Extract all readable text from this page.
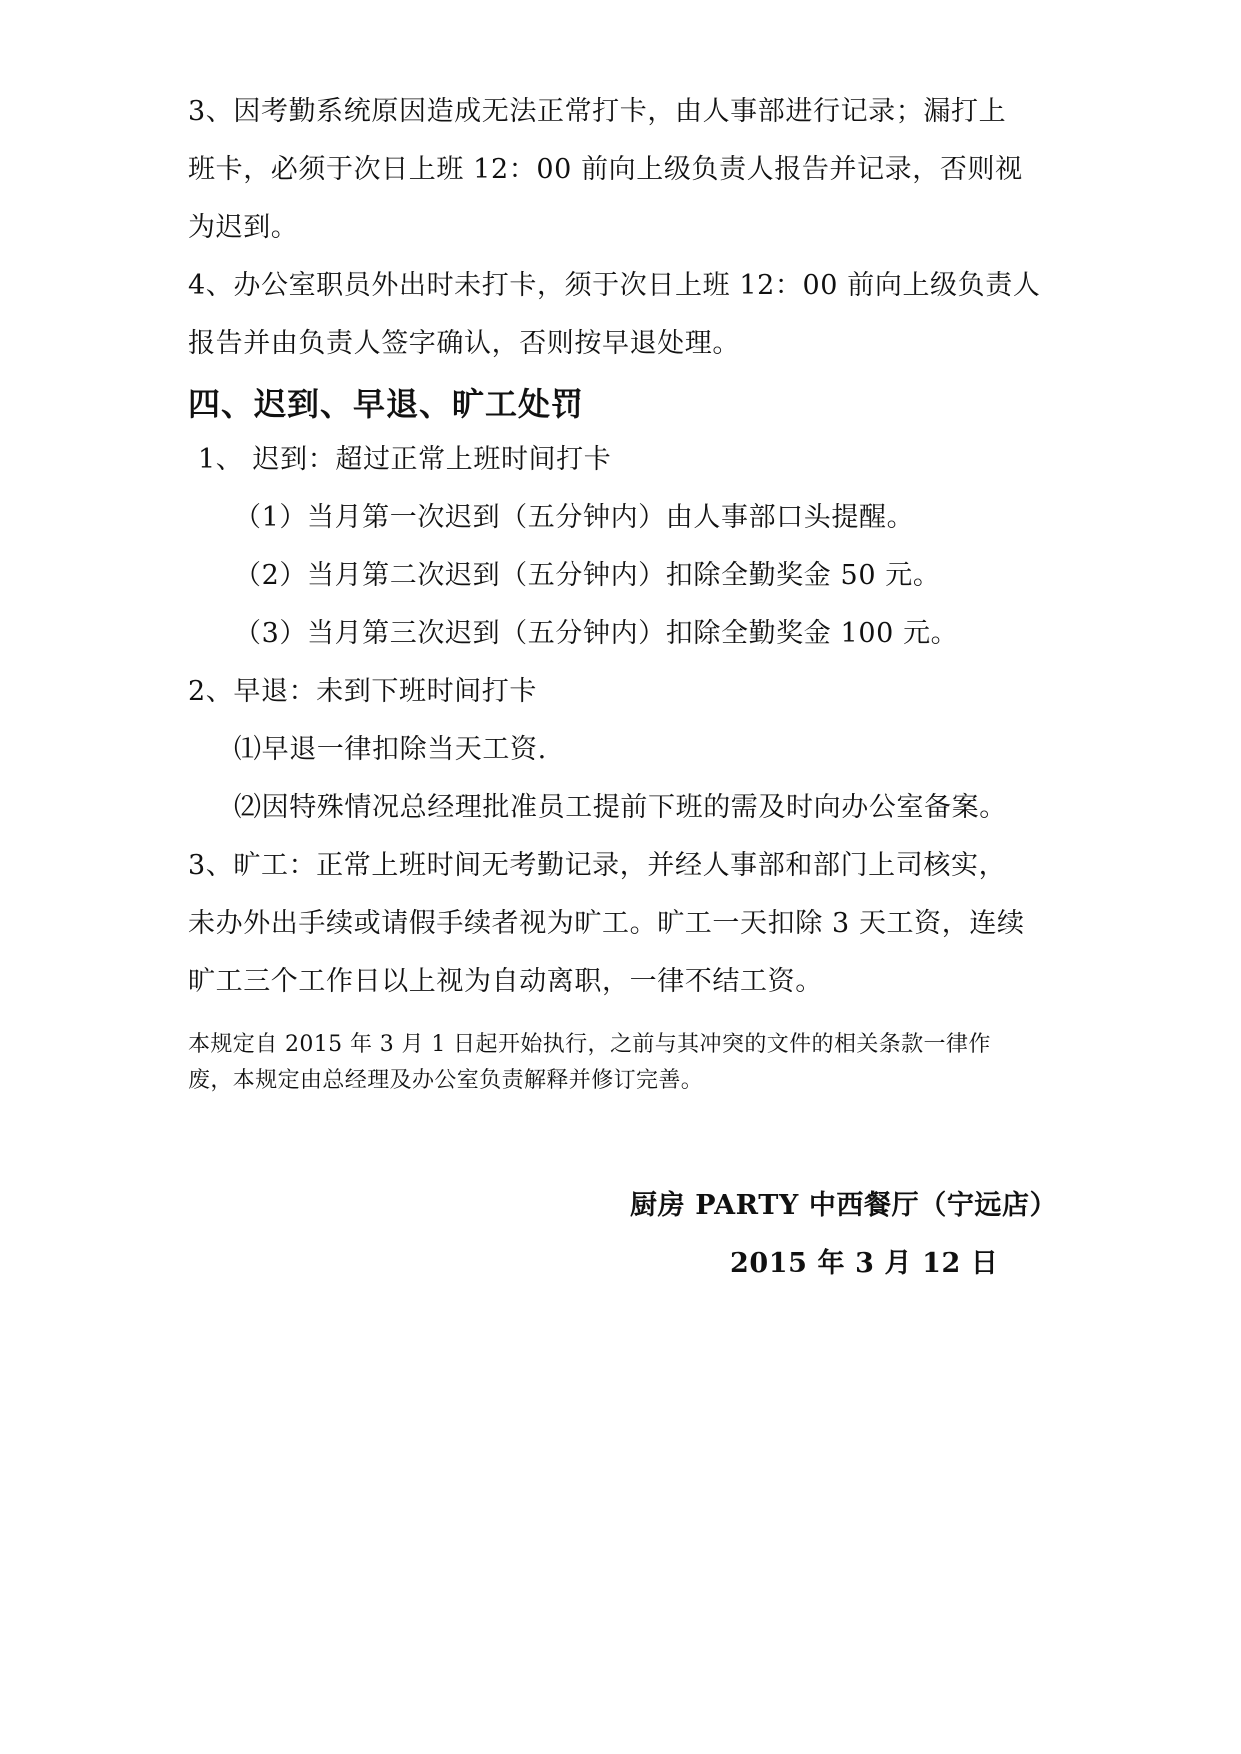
3、因考勤系统原因造成无法正常打卡，由人事部进行记录；漏打上
班卡，必须于次日上班 12：00 前向上级负责人报告并记录，否则视
为迟到。
4、办公室职员外出时未打卡，须于次日上班 12：00 前向上级负责人
报告并由负责人签字确认，否则按早退处理。
四、迟到、早退、旷工处罚
1、 迟到：超过正常上班时间打卡
（1）当月第一次迟到（五分钟内）由人事部口头提醒。
（2）当月第二次迟到（五分钟内）扣除全勤奖金 50 元。
（3）当月第三次迟到（五分钟内）扣除全勤奖金 100 元。
2、早退：未到下班时间打卡
⑴早退一律扣除当天工资.
⑵因特殊情况总经理批准员工提前下班的需及时向办公室备案。
3、旷工：正常上班时间无考勤记录，并经人事部和部门上司核实，
未办外出手续或请假手续者视为旷工。旷工一天扣除 3 天工资，连续
旷工三个工作日以上视为自动离职，一律不结工资。
本规定自 2015 年 3 月 1 日起开始执行，之前与其冲突的文件的相关条款一律作
废，本规定由总经理及办公室负责解释并修订完善。
厨房 PARTY 中西餐厅（宁远店）
2015 年 3 月 12 日
